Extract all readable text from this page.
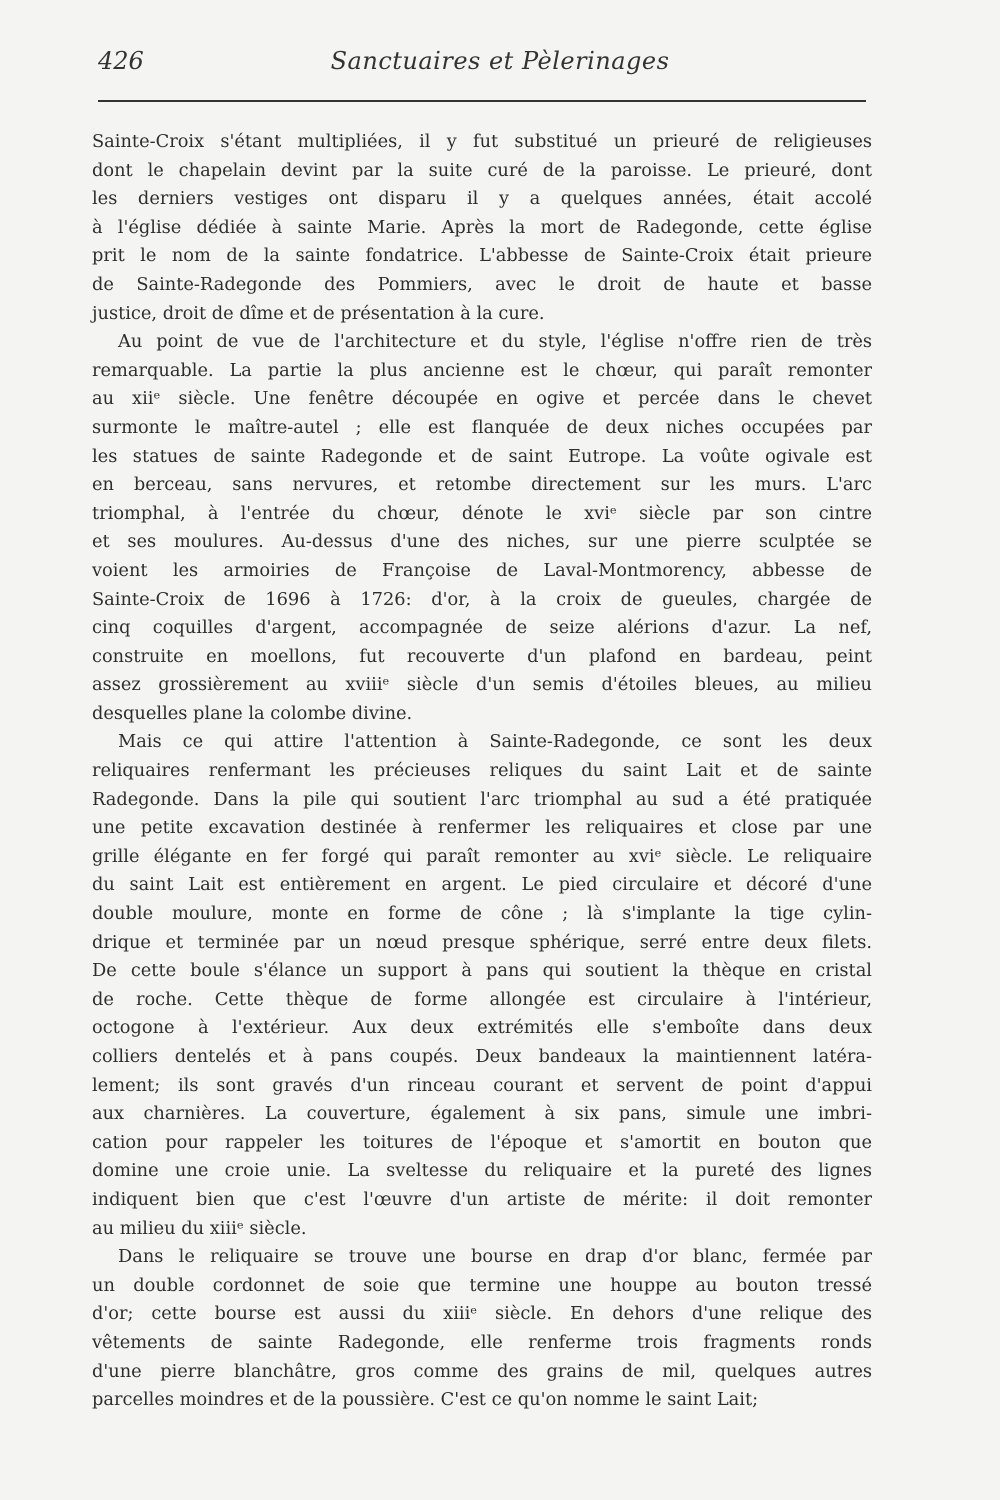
426	Sanctuaires et Pèlerinages
Sainte-Croix s'étant multipliées, il y fut substitué un prieuré de religieuses
dont le chapelain devint par la suite curé de la paroisse. Le prieuré, dont
les derniers vestiges ont disparu il y a quelques années, était accolé
à l'église dédiée à sainte Marie. Après la mort de Radegonde, cette église
prit le nom de la sainte fondatrice. L'abbesse de Sainte-Croix était prieure
de Sainte-Radegonde des Pommiers, avec le droit de haute et basse
justice, droit de dîme et de présentation à la cure.
Au point de vue de l'architecture et du style, l'église n'offre rien de très
remarquable. La partie la plus ancienne est le chœur, qui paraît remonter
au xiiᵉ siècle. Une fenêtre découpée en ogive et percée dans le chevet
surmonte le maître-autel ; elle est flanquée de deux niches occupées par
les statues de sainte Radegonde et de saint Eutrope. La voûte ogivale est
en berceau, sans nervures, et retombe directement sur les murs. L'arc
triomphal, à l'entrée du chœur, dénote le xviᵉ siècle par son cintre
et ses moulures. Au-dessus d'une des niches, sur une pierre sculptée se
voient les armoiries de Françoise de Laval-Montmorency, abbesse de
Sainte-Croix de 1696 à 1726: d'or, à la croix de gueules, chargée de
cinq coquilles d'argent, accompagnée de seize alérions d'azur. La nef,
construite en moellons, fut recouverte d'un plafond en bardeau, peint
assez grossièrement au xviiiᵉ siècle d'un semis d'étoiles bleues, au milieu
desquelles plane la colombe divine.
Mais ce qui attire l'attention à Sainte-Radegonde, ce sont les deux
reliquaires renfermant les précieuses reliques du saint Lait et de sainte
Radegonde. Dans la pile qui soutient l'arc triomphal au sud a été pratiquée
une petite excavation destinée à renfermer les reliquaires et close par une
grille élégante en fer forgé qui paraît remonter au xviᵉ siècle. Le reliquaire
du saint Lait est entièrement en argent. Le pied circulaire et décoré d'une
double moulure, monte en forme de cône ; là s'implante la tige cylin-
drique et terminée par un nœud presque sphérique, serré entre deux filets.
De cette boule s'élance un support à pans qui soutient la thèque en cristal
de roche. Cette thèque de forme allongée est circulaire à l'intérieur,
octogone à l'extérieur. Aux deux extrémités elle s'emboîte dans deux
colliers dentelés et à pans coupés. Deux bandeaux la maintiennent latéra-
lement; ils sont gravés d'un rinceau courant et servent de point d'appui
aux charnières. La couverture, également à six pans, simule une imbri-
cation pour rappeler les toitures de l'époque et s'amortit en bouton que
domine une croie unie. La sveltesse du reliquaire et la pureté des lignes
indiquent bien que c'est l'œuvre d'un artiste de mérite: il doit remonter
au milieu du xiiiᵉ siècle.
Dans le reliquaire se trouve une bourse en drap d'or blanc, fermée par
un double cordonnet de soie que termine une houppe au bouton tressé
d'or; cette bourse est aussi du xiiiᵉ siècle. En dehors d'une relique des
vêtements de sainte Radegonde, elle renferme trois fragments ronds
d'une pierre blanchâtre, gros comme des grains de mil, quelques autres
parcelles moindres et de la poussière. C'est ce qu'on nomme le saint Lait;
